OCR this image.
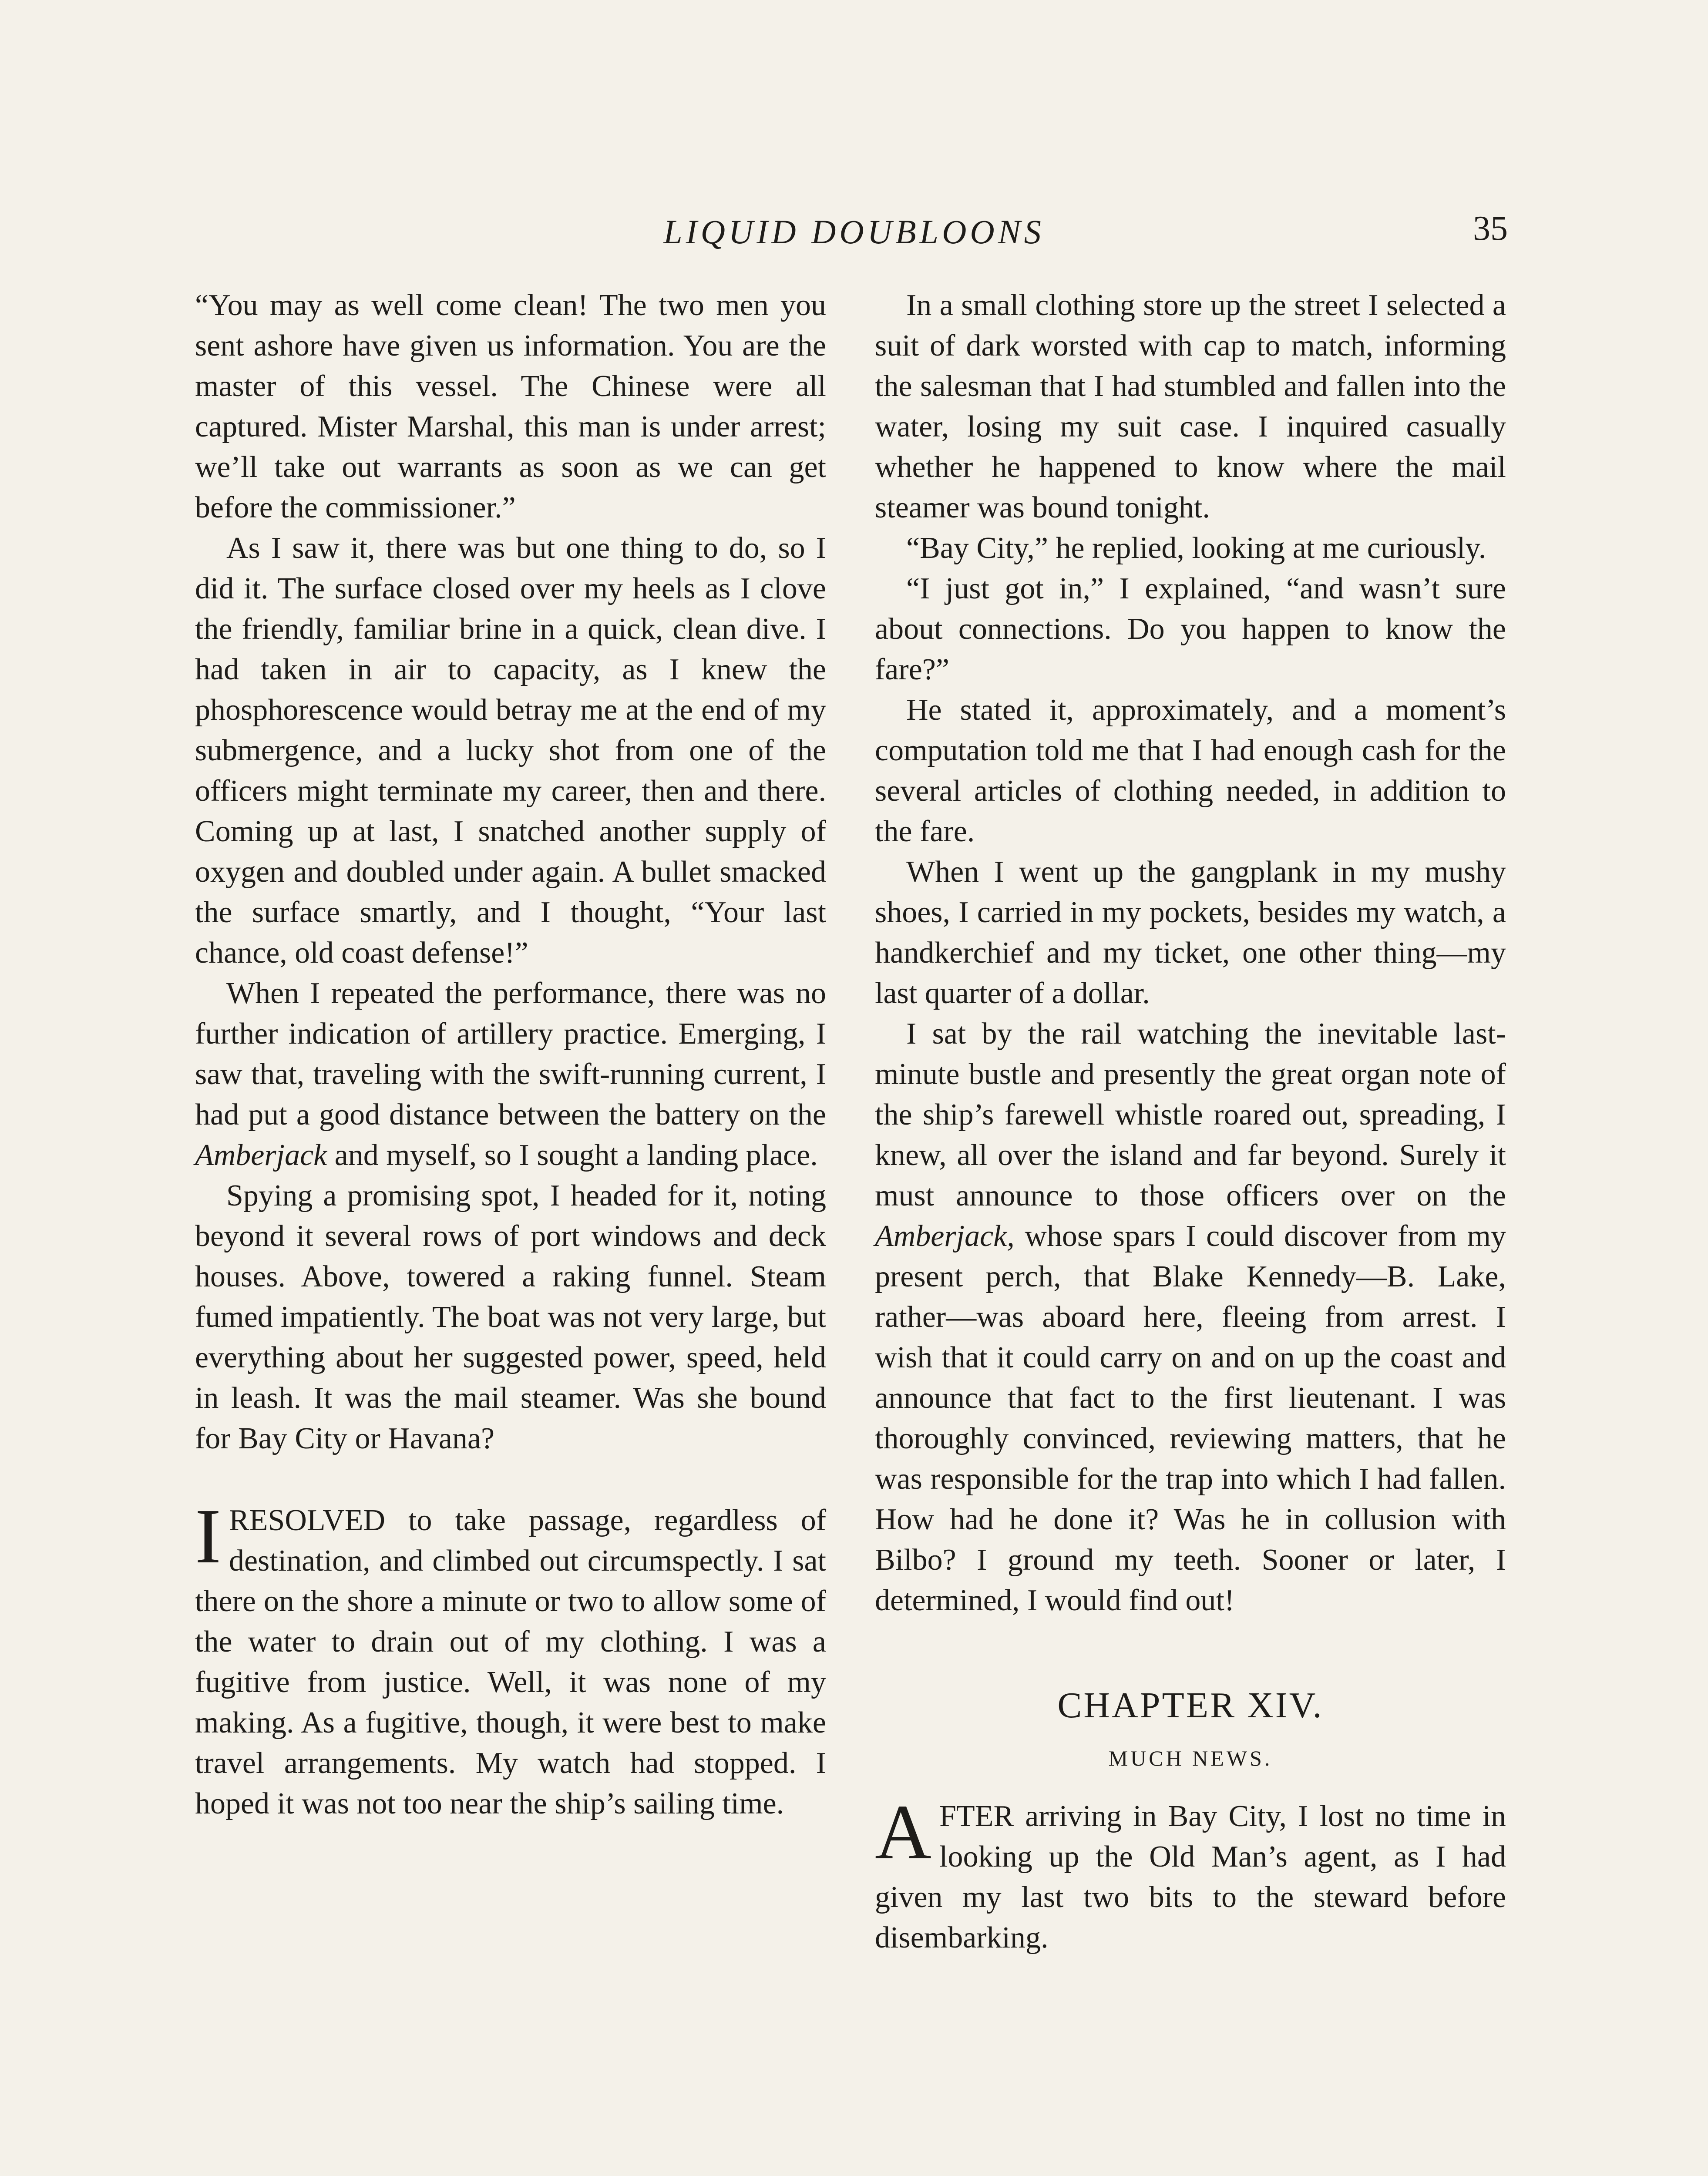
LIQUID DOUBLOONS	35

“You may as well come clean! The two men you sent ashore have given us information. You are the master of this vessel. The Chinese were all captured. Mister Marshal, this man is under arrest; we’ll take out warrants as soon as we can get before the commissioner.”

As I saw it, there was but one thing to do, so I did it. The surface closed over my heels as I clove the friendly, familiar brine in a quick, clean dive. I had taken in air to capacity, as I knew the phosphorescence would betray me at the end of my submergence, and a lucky shot from one of the officers might terminate my career, then and there. Coming up at last, I snatched another supply of oxygen and doubled under again. A bullet smacked the surface smartly, and I thought, “Your last chance, old coast defense!”

When I repeated the performance, there was no further indication of artillery practice. Emerging, I saw that, traveling with the swift-running current, I had put a good distance between the battery on the Amberjack and myself, so I sought a landing place.

Spying a promising spot, I headed for it, noting beyond it several rows of port windows and deck houses. Above, towered a raking funnel. Steam fumed impatiently. The boat was not very large, but everything about her suggested power, speed, held in leash. It was the mail steamer. Was she bound for Bay City or Havana?

IRESOLVED to take passage, regardless of destination, and climbed out circumspectly. I sat there on the shore a minute or two to allow some of the water to drain out of my clothing. I was a fugitive from justice. Well, it was none of my making. As a fugitive, though, it were best to make travel arrangements. My watch had stopped. I hoped it was not too near the ship’s sailing time.

In a small clothing store up the street I selected a suit of dark worsted with cap to match, informing the salesman that I had stumbled and fallen into the water, losing my suit case. I inquired casually whether he happened to know where the mail steamer was bound tonight.

“Bay City,” he replied, looking at me curiously.

“I just got in,” I explained, “and wasn’t sure about connections. Do you happen to know the fare?”

He stated it, approximately, and a moment’s computation told me that I had enough cash for the several articles of clothing needed, in addition to the fare.

When I went up the gangplank in my mushy shoes, I carried in my pockets, besides my watch, a handkerchief and my ticket, one other thing—my last quarter of a dollar.

I sat by the rail watching the inevitable last-minute bustle and presently the great organ note of the ship’s farewell whistle roared out, spreading, I knew, all over the island and far beyond. Surely it must announce to those officers over on the Amberjack, whose spars I could discover from my present perch, that Blake Kennedy—B. Lake, rather—was aboard here, fleeing from arrest. I wish that it could carry on and on up the coast and announce that fact to the first lieutenant. I was thoroughly convinced, reviewing matters, that he was responsible for the trap into which I had fallen. How had he done it? Was he in collusion with Bilbo? I ground my teeth. Sooner or later, I determined, I would find out!

CHAPTER XIV.
MUCH NEWS.

AFTER arriving in Bay City, I lost no time in looking up the Old Man’s agent, as I had given my last two bits to the steward before disembarking.
